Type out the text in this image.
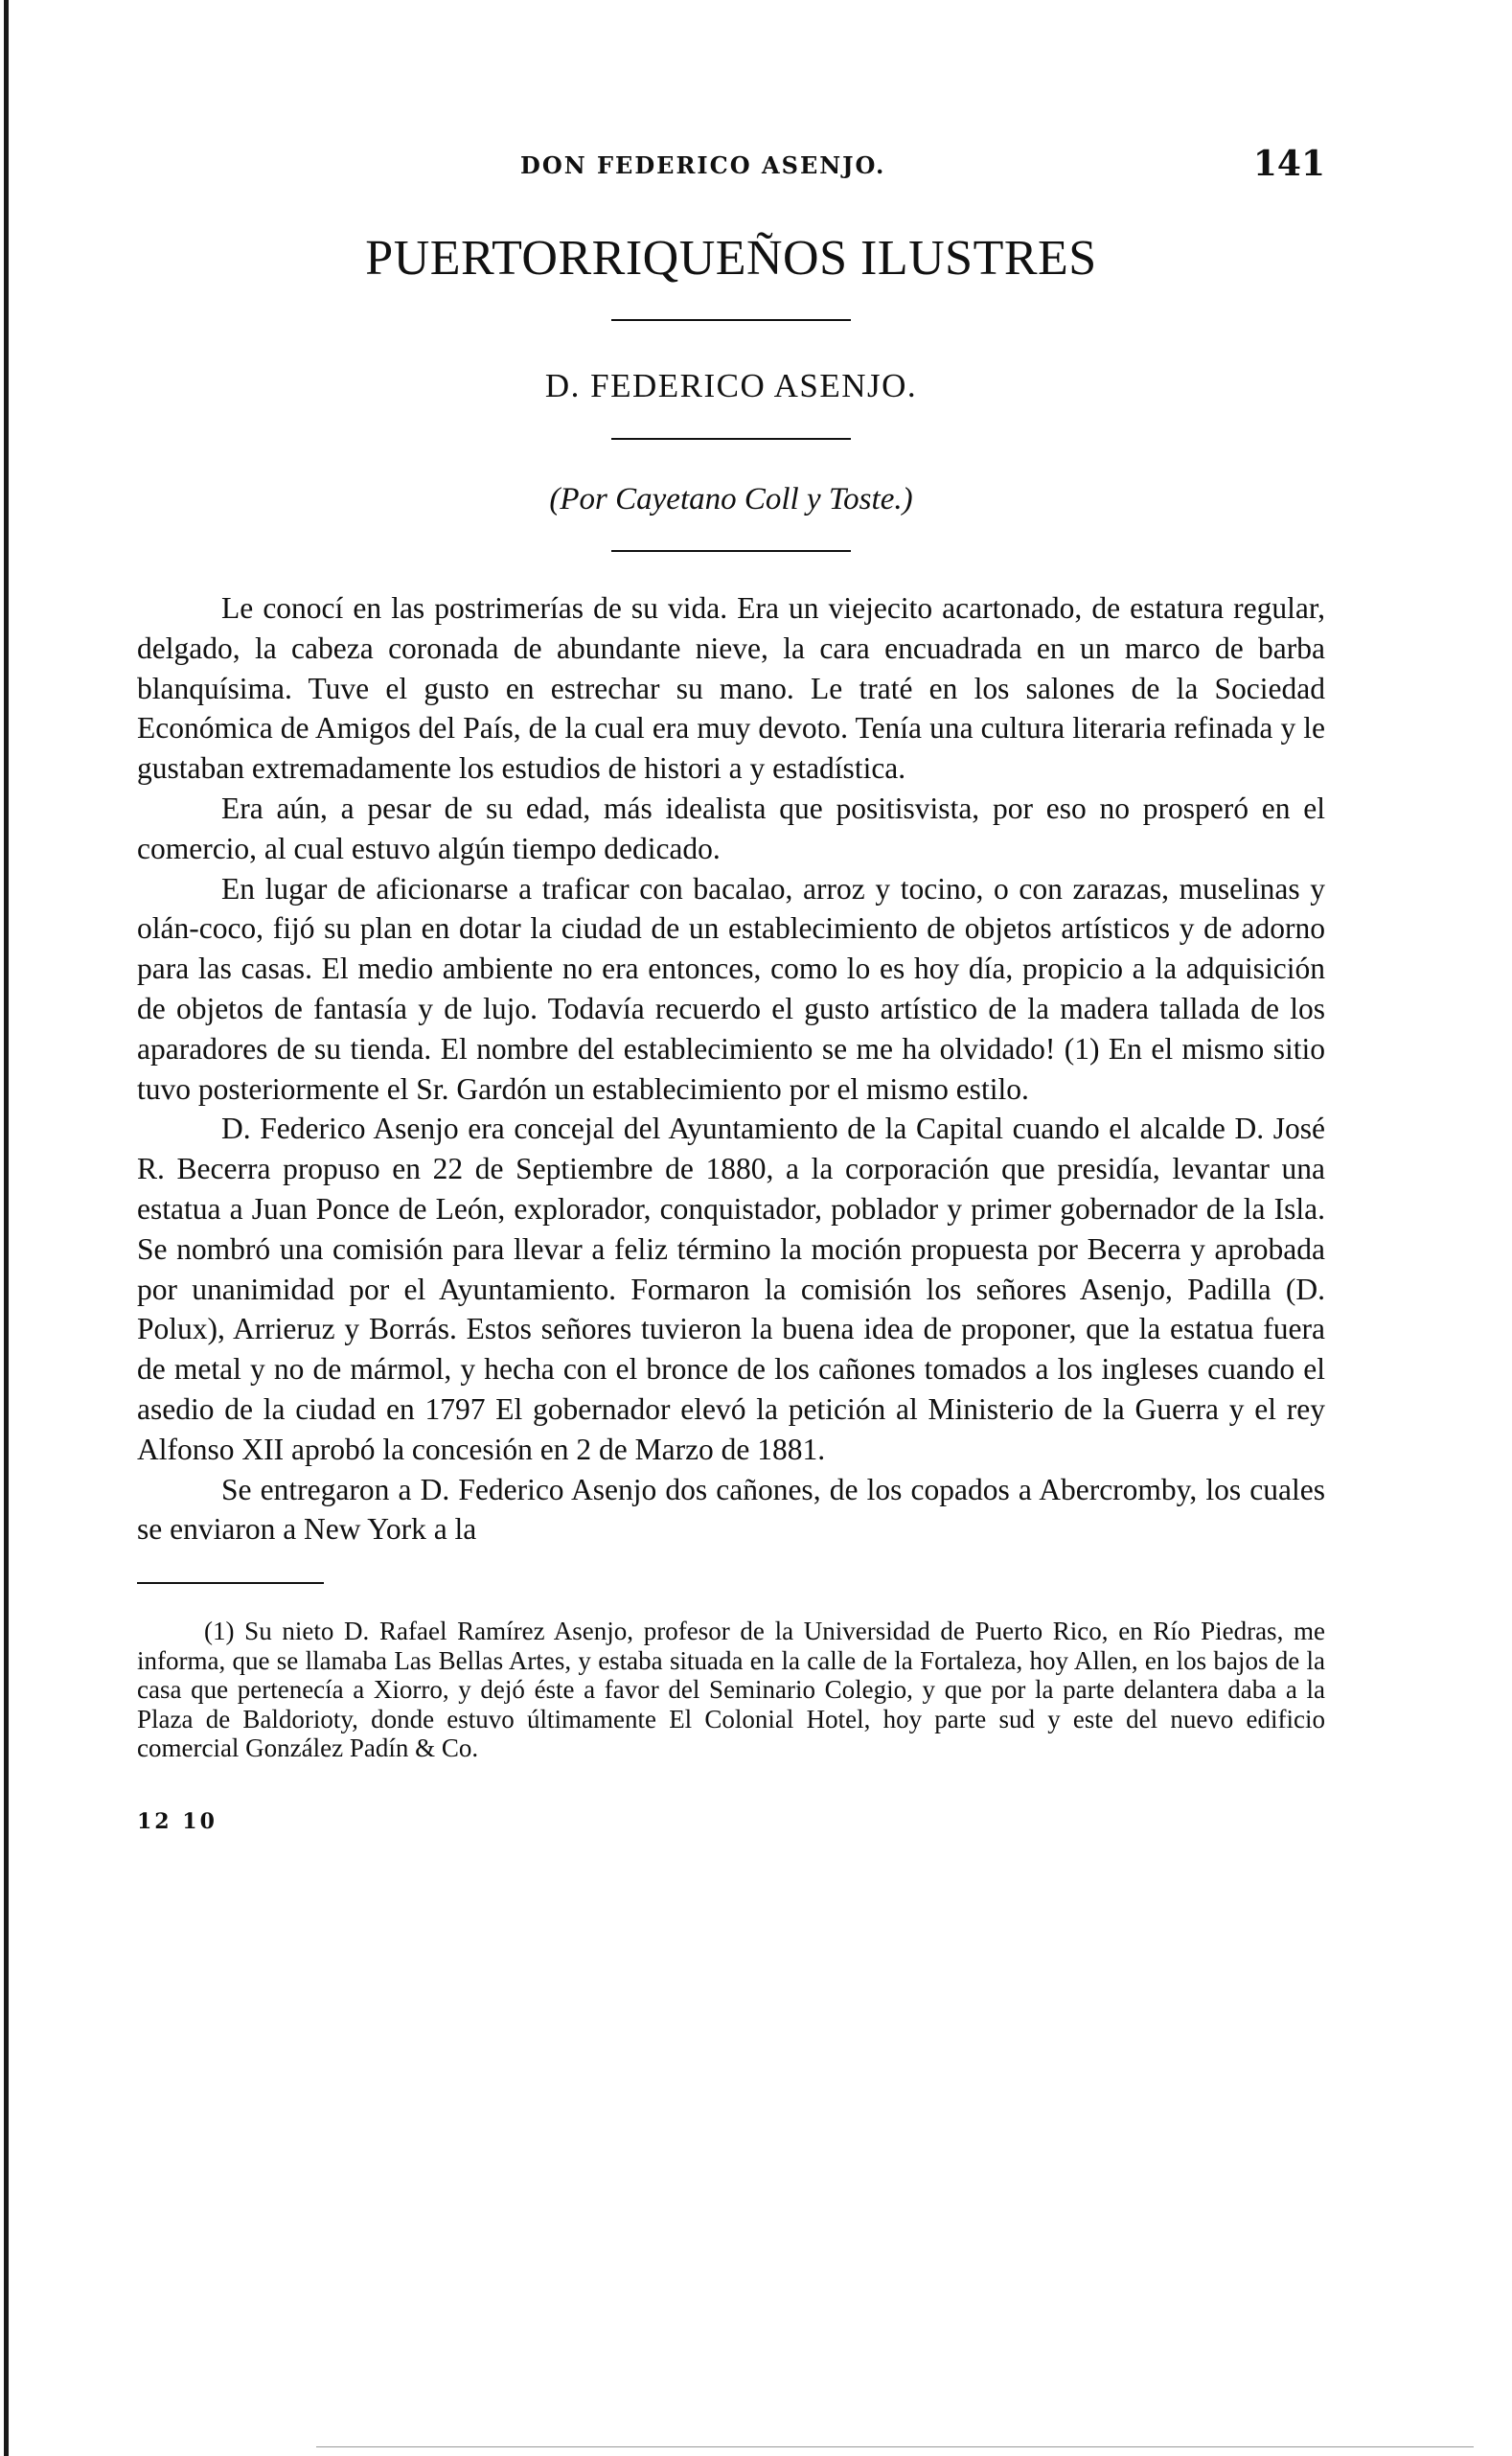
DON FEDERICO ASENJO.	141
PUERTORRIQUEÑOS ILUSTRES
D. FEDERICO ASENJO.
(Por Cayetano Coll y Toste.)

Le conocí en las postrimerías de su vida. Era un viejecito acartonado, de estatura regular, delgado, la cabeza coronada de abundante nieve, la cara encuadrada en un marco de barba blanquísima. Tuve el gusto en estrechar su mano. Le traté en los salones de la Sociedad Económica de Amigos del País, de la cual era muy devoto. Tenía una cultura literaria refinada y le gustaban extremadamente los estudios de histori a y estadística.

Era aún, a pesar de su edad, más idealista que positisvista, por eso no prosperó en el comercio, al cual estuvo algún tiempo dedicado.

En lugar de aficionarse a traficar con bacalao, arroz y tocino, o con zarazas, muselinas y olán-coco, fijó su plan en dotar la ciudad de un establecimiento de objetos artísticos y de adorno para las casas. El medio ambiente no era entonces, como lo es hoy día, propicio a la adquisición de objetos de fantasía y de lujo. Todavía recuerdo el gusto artístico de la madera tallada de los aparadores de su tienda. El nombre del establecimiento se me ha olvidado! (1) En el mismo sitio tuvo posteriormente el Sr. Gardón un establecimiento por el mismo estilo.

D. Federico Asenjo era concejal del Ayuntamiento de la Capital cuando el alcalde D. José R. Becerra propuso en 22 de Septiembre de 1880, a la corporación que presidía, levantar una estatua a Juan Ponce de León, explorador, conquistador, poblador y primer gobernador de la Isla. Se nombró una comisión para llevar a feliz término la moción propuesta por Becerra y aprobada por unanimidad por el Ayuntamiento. Formaron la comisión los señores Asenjo, Padilla (D. Polux), Arrieruz y Borrás. Estos señores tuvieron la buena idea de proponer, que la estatua fuera de metal y no de mármol, y hecha con el bronce de los cañones tomados a los ingleses cuando el asedio de la ciudad en 1797 El gobernador elevó la petición al Ministerio de la Guerra y el rey Alfonso XII aprobó la concesión en 2 de Marzo de 1881.

Se entregaron a D. Federico Asenjo dos cañones, de los copados a Abercromby, los cuales se enviaron a New York a la

(1) Su nieto D. Rafael Ramírez Asenjo, profesor de la Universidad de Puerto Rico, en Río Piedras, me informa, que se llamaba Las Bellas Artes, y estaba situada en la calle de la Fortaleza, hoy Allen, en los bajos de la casa que pertenecía a Xiorro, y dejó éste a favor del Seminario Colegio, y que por la parte delantera daba a la Plaza de Baldorioty, donde estuvo últimamente El Colonial Hotel, hoy parte sud y este del nuevo edificio comercial González Padín & Co.
12 10
